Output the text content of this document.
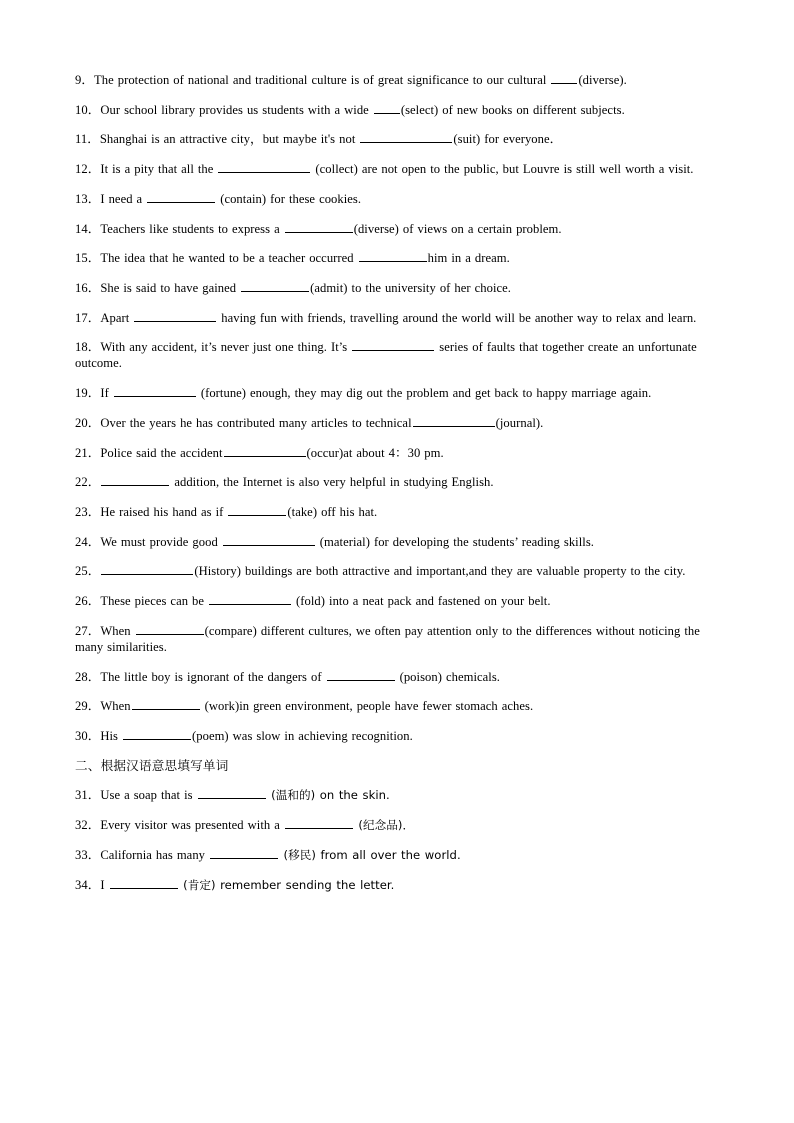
9．The protection of national and traditional culture is of great significance to our cultural (diverse).
10．Our school library provides us students with a wide (select) of new books on different subjects.
11．Shanghai is an attractive city，but maybe it's not	(suit) for everyone．
12．It is a pity that all the	(collect) are not open to the public, but Louvre is still well worth a visit.
13．I need a	(contain) for these cookies.
14．Teachers like students to express a	(diverse) of views on a certain problem.
15．The idea that he wanted to be a teacher occurred	him in a dream.
16．She is said to have gained	(admit) to the university of her choice.
17．Apart	having fun with friends, travelling around the world will be another way to relax and learn.
18．With any accident, it’s never just one thing. It’s	series of faults that together create an unfortunate outcome.
19．If	(fortune) enough, they may dig out the problem and get back to happy marriage again.
20．Over the years he has contributed many articles to technical	(journal).
21．Police said the accident	(occur)at about 4：30 pm.
22．	addition, the Internet is also very helpful in studying English.
23．He raised his hand as if	(take) off his hat.
24．We must provide good	(material) for developing the students’ reading skills.
25．	(History) buildings are both attractive and important,and they are valuable property to the city.
26．These pieces can be	(fold) into a neat pack and fastened on your belt.
27．When	(compare) different cultures, we often pay attention only to the differences without noticing the many similarities.
28．The little boy is ignorant of the dangers of	(poison) chemicals.
29．When	(work)in green environment, people have fewer stomach aches.
30．His	(poem) was slow in achieving recognition.
二、根据汉语意思填写单词
31．Use a soap that is	(温和的) on the skin.
32．Every visitor was presented with a	(纪念品)．
33．California has many	(移民) from all over the world.
34．I	(肯定) remember sending the letter.
